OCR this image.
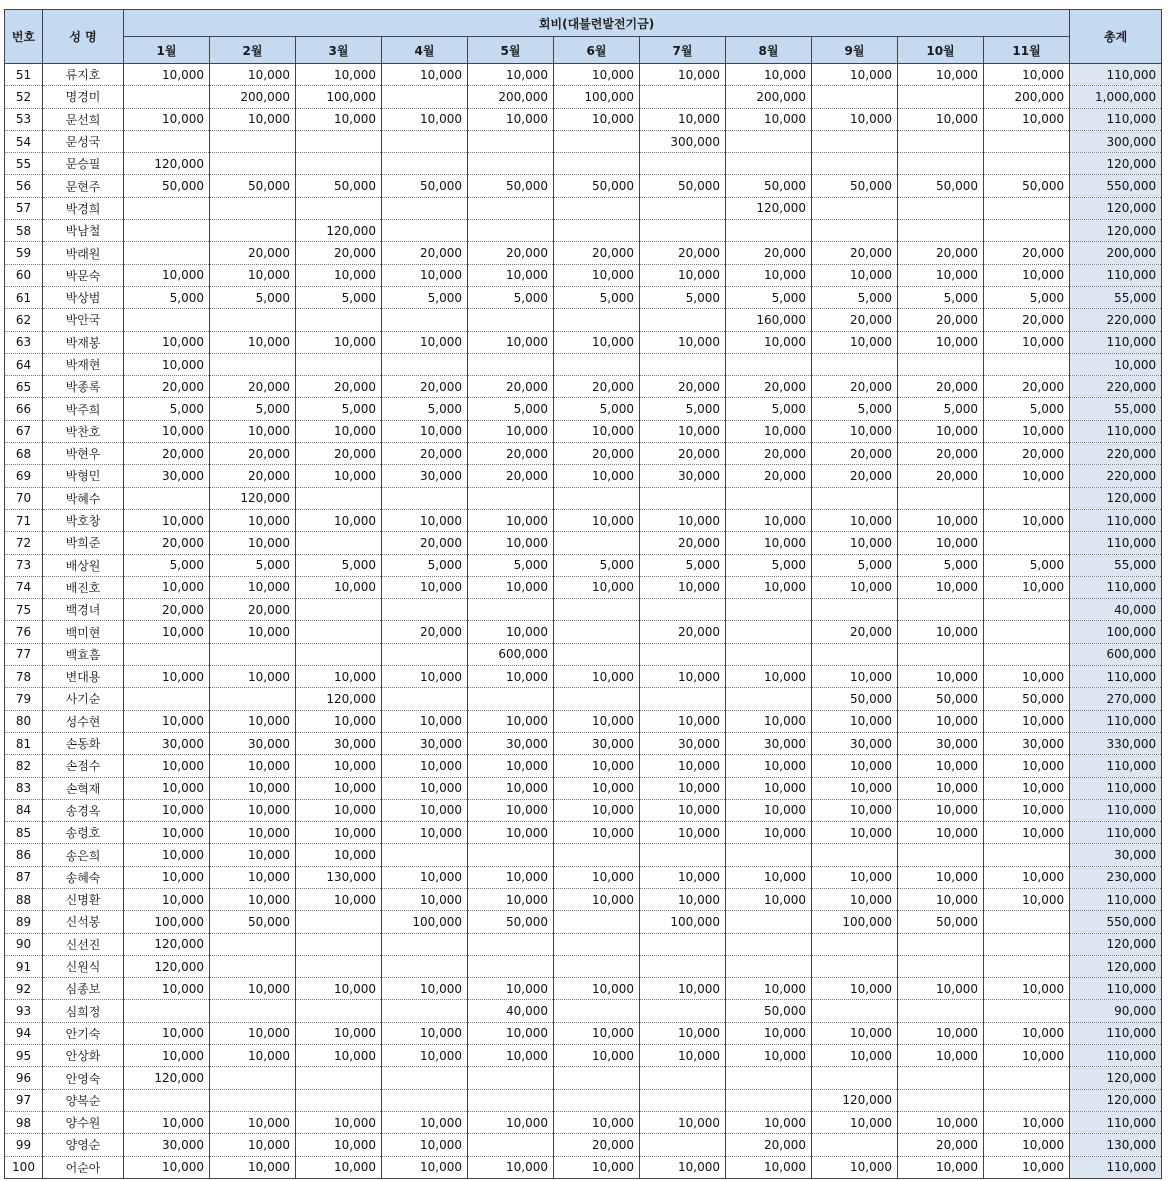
번호	성 명	회비(대불련발전기금)											총계
		1월	2월	3월	4월	5월	6월	7월	8월	9월	10월	11월	
51	류지호	10,000	10,000	10,000	10,000	10,000	10,000	10,000	10,000	10,000	10,000	10,000	110,000
52	명경미		200,000	100,000		200,000	100,000		200,000			200,000	1,000,000
53	문선희	10,000	10,000	10,000	10,000	10,000	10,000	10,000	10,000	10,000	10,000	10,000	110,000
54	문성국							300,000					300,000
55	문승필	120,000											120,000
56	문현주	50,000	50,000	50,000	50,000	50,000	50,000	50,000	50,000	50,000	50,000	50,000	550,000
57	박경희								120,000				120,000
58	박남철			120,000									120,000
59	박래원		20,000	20,000	20,000	20,000	20,000	20,000	20,000	20,000	20,000	20,000	200,000
60	박문숙	10,000	10,000	10,000	10,000	10,000	10,000	10,000	10,000	10,000	10,000	10,000	110,000
61	박상범	5,000	5,000	5,000	5,000	5,000	5,000	5,000	5,000	5,000	5,000	5,000	55,000
62	박안국								160,000	20,000	20,000	20,000	220,000
63	박재봉	10,000	10,000	10,000	10,000	10,000	10,000	10,000	10,000	10,000	10,000	10,000	110,000
64	박재현	10,000											10,000
65	박종록	20,000	20,000	20,000	20,000	20,000	20,000	20,000	20,000	20,000	20,000	20,000	220,000
66	박주희	5,000	5,000	5,000	5,000	5,000	5,000	5,000	5,000	5,000	5,000	5,000	55,000
67	박찬호	10,000	10,000	10,000	10,000	10,000	10,000	10,000	10,000	10,000	10,000	10,000	110,000
68	박현우	20,000	20,000	20,000	20,000	20,000	20,000	20,000	20,000	20,000	20,000	20,000	220,000
69	박형민	30,000	20,000	10,000	30,000	20,000	10,000	30,000	20,000	20,000	20,000	10,000	220,000
70	박혜수		120,000										120,000
71	박호창	10,000	10,000	10,000	10,000	10,000	10,000	10,000	10,000	10,000	10,000	10,000	110,000
72	박희준	20,000	10,000		20,000	10,000		20,000	10,000	10,000	10,000		110,000
73	배상원	5,000	5,000	5,000	5,000	5,000	5,000	5,000	5,000	5,000	5,000	5,000	55,000
74	배진호	10,000	10,000	10,000	10,000	10,000	10,000	10,000	10,000	10,000	10,000	10,000	110,000
75	백경녀	20,000	20,000										40,000
76	백미현	10,000	10,000		20,000	10,000		20,000		20,000	10,000		100,000
77	백효흠					600,000							600,000
78	변대용	10,000	10,000	10,000	10,000	10,000	10,000	10,000	10,000	10,000	10,000	10,000	110,000
79	사기순			120,000						50,000	50,000	50,000	270,000
80	성수현	10,000	10,000	10,000	10,000	10,000	10,000	10,000	10,000	10,000	10,000	10,000	110,000
81	손동화	30,000	30,000	30,000	30,000	30,000	30,000	30,000	30,000	30,000	30,000	30,000	330,000
82	손점수	10,000	10,000	10,000	10,000	10,000	10,000	10,000	10,000	10,000	10,000	10,000	110,000
83	손혁재	10,000	10,000	10,000	10,000	10,000	10,000	10,000	10,000	10,000	10,000	10,000	110,000
84	송경옥	10,000	10,000	10,000	10,000	10,000	10,000	10,000	10,000	10,000	10,000	10,000	110,000
85	송령호	10,000	10,000	10,000	10,000	10,000	10,000	10,000	10,000	10,000	10,000	10,000	110,000
86	송은희	10,000	10,000	10,000									30,000
87	송혜숙	10,000	10,000	130,000	10,000	10,000	10,000	10,000	10,000	10,000	10,000	10,000	230,000
88	신명환	10,000	10,000	10,000	10,000	10,000	10,000	10,000	10,000	10,000	10,000	10,000	110,000
89	신석봉	100,000	50,000		100,000	50,000		100,000		100,000	50,000		550,000
90	신선진	120,000											120,000
91	신원식	120,000											120,000
92	심종보	10,000	10,000	10,000	10,000	10,000	10,000	10,000	10,000	10,000	10,000	10,000	110,000
93	심희정					40,000			50,000				90,000
94	안기숙	10,000	10,000	10,000	10,000	10,000	10,000	10,000	10,000	10,000	10,000	10,000	110,000
95	안상화	10,000	10,000	10,000	10,000	10,000	10,000	10,000	10,000	10,000	10,000	10,000	110,000
96	안영숙	120,000											120,000
97	양복순									120,000			120,000
98	양수원	10,000	10,000	10,000	10,000	10,000	10,000	10,000	10,000	10,000	10,000	10,000	110,000
99	양영순	30,000	10,000	10,000	10,000		20,000		20,000		20,000	10,000	130,000
100	어순아	10,000	10,000	10,000	10,000	10,000	10,000	10,000	10,000	10,000	10,000	10,000	110,000
